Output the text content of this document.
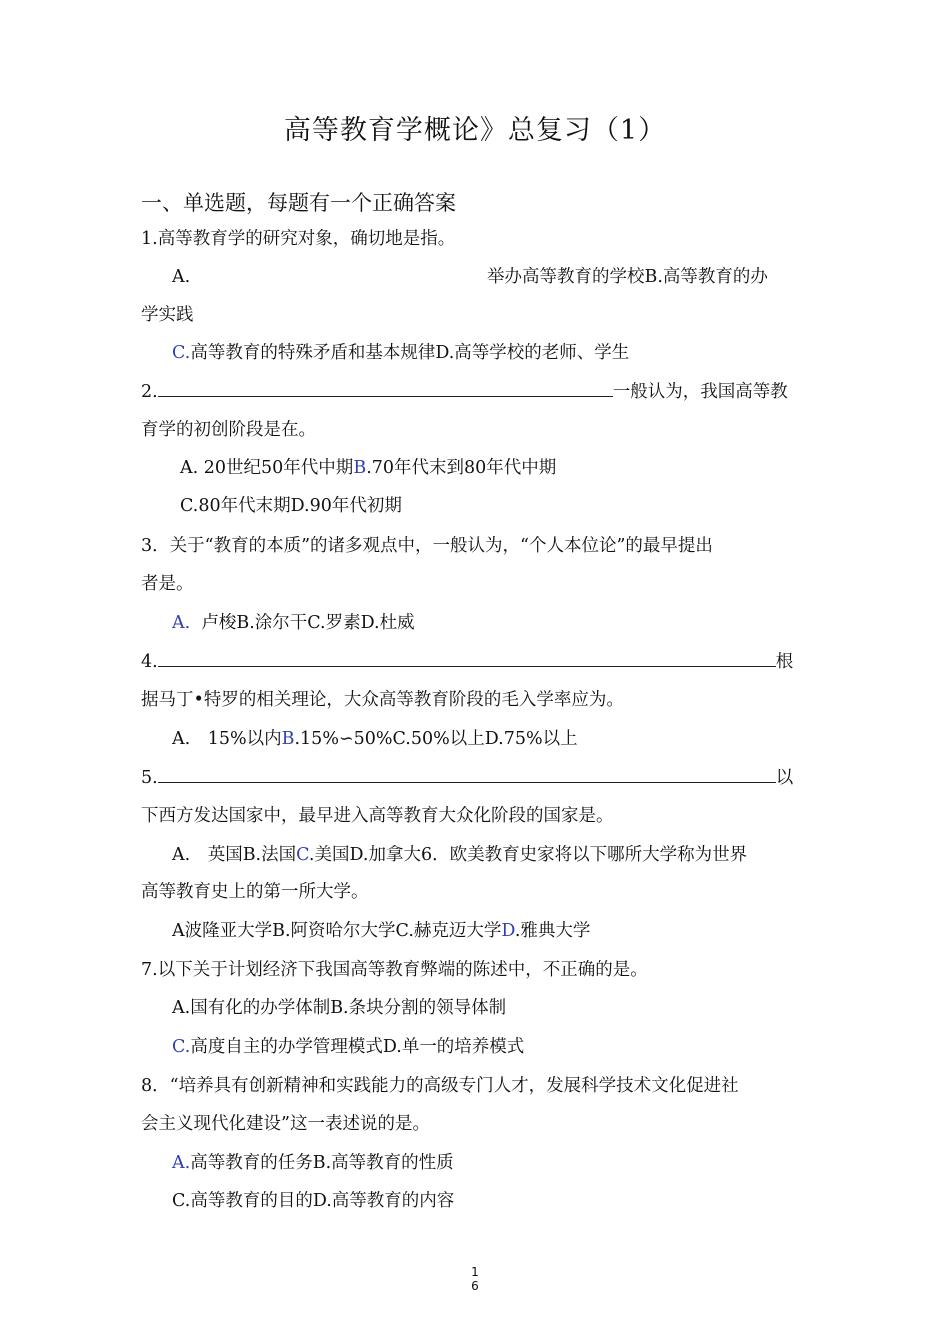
高等教育学概论》总复习（1）
一、单选题，每题有一个正确答案
1.高等教育学的研究对象，确切地是指。
A.	举办高等教育的学校B.高等教育的办
学实践
C.高等教育的特殊矛盾和基本规律D.高等学校的老师、学生
2.	一般认为，我国高等教
育学的初创阶段是在。
A. 20世纪50年代中期B.70年代末到80年代中期
C.80年代末期D.90年代初期
3．关于“教育的本质”的诸多观点中，一般认为，“个人本位论”的最早提出
者是。
A. 卢梭B.涂尔干C.罗素D.杜威
4.	根
据马丁•特罗的相关理论，大众高等教育阶段的毛入学率应为。
A.　15%以内B.15%∽50%C.50%以上D.75%以上
5.	以
下西方发达国家中，最早进入高等教育大众化阶段的国家是。
A.　英国B.法国C.美国D.加拿大6．欧美教育史家将以下哪所大学称为世界
高等教育史上的第一所大学。
A波隆亚大学B.阿资哈尔大学C.赫克迈大学D.雅典大学
7.以下关于计划经济下我国高等教育弊端的陈述中，不正确的是。
A.国有化的办学体制B.条块分割的领导体制
C.高度自主的办学管理模式D.单一的培养模式
8．“培养具有创新精神和实践能力的高级专门人才，发展科学技术文化促进社
会主义现代化建设”这一表述说的是。
A.高等教育的任务B.高等教育的性质
C.高等教育的目的D.高等教育的内容
1
6
